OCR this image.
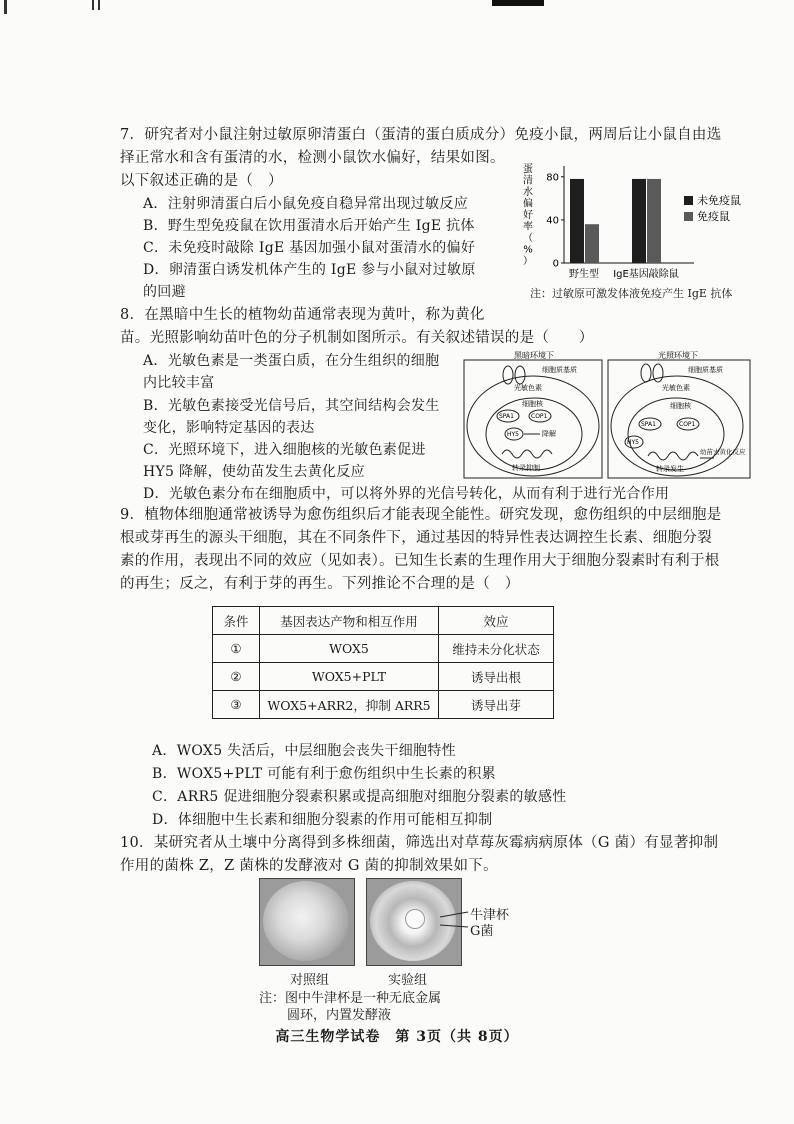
7．研究者对小鼠注射过敏原卵清蛋白（蛋清的蛋白质成分）免疫小鼠，两周后让小鼠自由选
择正常水和含有蛋清的水，检测小鼠饮水偏好，结果如图。
以下叙述正确的是（　）
A．注射卵清蛋白后小鼠免疫自稳异常出现过敏反应
B．野生型免疫鼠在饮用蛋清水后开始产生 IgE 抗体
C．未免疫时敲除 IgE 基因加强小鼠对蛋清水的偏好
D．卵清蛋白诱发机体产生的 IgE 参与小鼠对过敏原
的回避
蛋
清
水
偏
好
率
（
%
） 0
40
80
野生型 IgE基因敲除鼠
未免疫鼠
免疫鼠
注：过敏原可激发体液免疫产生 IgE 抗体
8．在黑暗中生长的植物幼苗通常表现为黄叶，称为黄化
苗。光照影响幼苗叶色的分子机制如图所示。有关叙述错误的是（　　）
A．光敏色素是一类蛋白质，在分生组织的细胞
内比较丰富
B．光敏色素接受光信号后，其空间结构会发生
变化，影响特定基因的表达
C．光照环境下，进入细胞核的光敏色素促进
HY5 降解，使幼苗发生去黄化反应
D．光敏色素分布在细胞质中，可以将外界的光信号转化，从而有利于进行光合作用
黑暗环境下
细胞质基质
光敏色素
细胞核
SPA1	COP1
HY5	降解
转录抑制
光照环境下
细胞质基质
光敏色素
细胞核
SPA1	COP1
HY5
幼苗去黄化反应
转录发生
9．植物体细胞通常被诱导为愈伤组织后才能表现全能性。研究发现，愈伤组织的中层细胞是
根或芽再生的源头干细胞，其在不同条件下，通过基因的特异性表达调控生长素、细胞分裂
素的作用，表现出不同的效应（见如表）。已知生长素的生理作用大于细胞分裂素时有利于根
的再生；反之，有利于芽的再生。下列推论不合理的是（　）
条件	基因表达产物和相互作用	效应
①	WOX5	维持未分化状态
②	WOX5+PLT	诱导出根
③	WOX5+ARR2，抑制 ARR5	诱导出芽
A．WOX5 失活后，中层细胞会丧失干细胞特性
B．WOX5+PLT 可能有利于愈伤组织中生长素的积累
C．ARR5 促进细胞分裂素积累或提高细胞对细胞分裂素的敏感性
D．体细胞中生长素和细胞分裂素的作用可能相互抑制
10．某研究者从土壤中分离得到多株细菌，筛选出对草莓灰霉病病原体（G 菌）有显著抑制
作用的菌株 Z，Z 菌株的发酵液对 G 菌的抑制效果如下。
牛津杯
G菌
对照组	实验组
注：图中牛津杯是一种无底金属
圆环，内置发酵液
高三生物学试卷　第 3页（共 8页）
